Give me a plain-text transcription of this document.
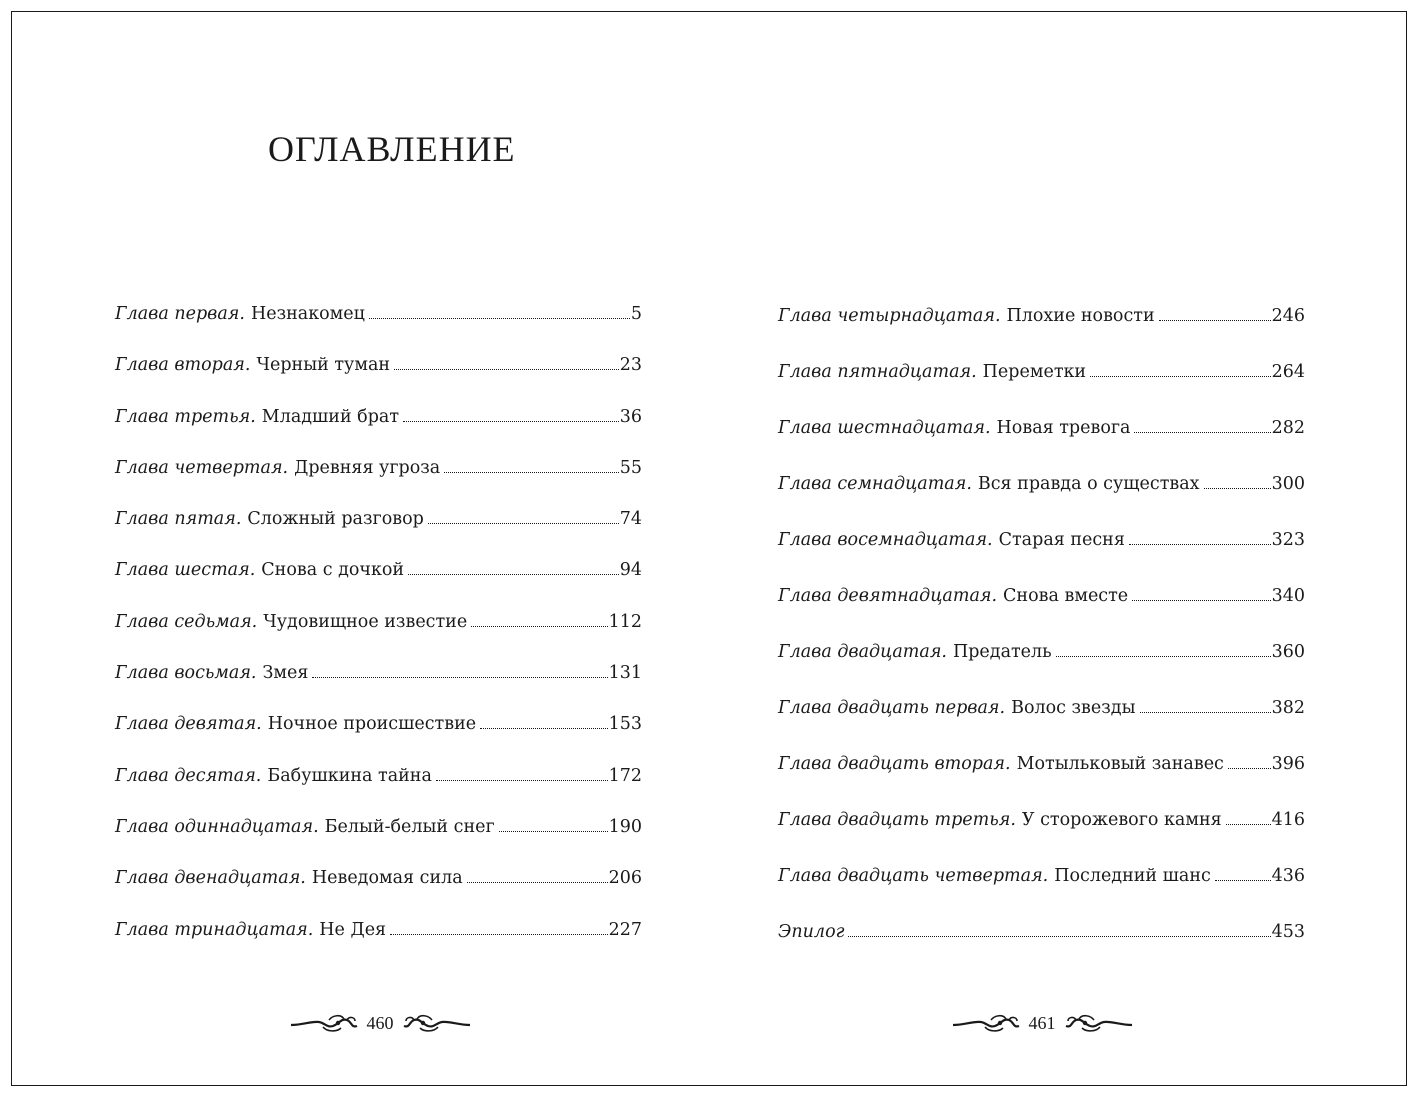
ОГЛАВЛЕНИЕ
Глава первая. Незнакомец	5
Глава вторая. Черный туман	23
Глава третья. Младший брат	36
Глава четвертая. Древняя угроза	55
Глава пятая. Сложный разговор	74
Глава шестая. Снова с дочкой	94
Глава седьмая. Чудовищное известие	112
Глава восьмая. Змея	131
Глава девятая. Ночное происшествие	153
Глава десятая. Бабушкина тайна	172
Глава одиннадцатая. Белый-белый снег	190
Глава двенадцатая. Неведомая сила	206
Глава тринадцатая. Не Дея	227
Глава четырнадцатая. Плохие новости	246
Глава пятнадцатая. Переметки	264
Глава шестнадцатая. Новая тревога	282
Глава семнадцатая. Вся правда о существах	300
Глава восемнадцатая. Старая песня	323
Глава девятнадцатая. Снова вместе	340
Глава двадцатая. Предатель	360
Глава двадцать первая. Волос звезды	382
Глава двадцать вторая. Мотыльковый занавес	396
Глава двадцать третья. У сторожевого камня	416
Глава двадцать четвертая. Последний шанс	436
Эпилог	453
460	461
